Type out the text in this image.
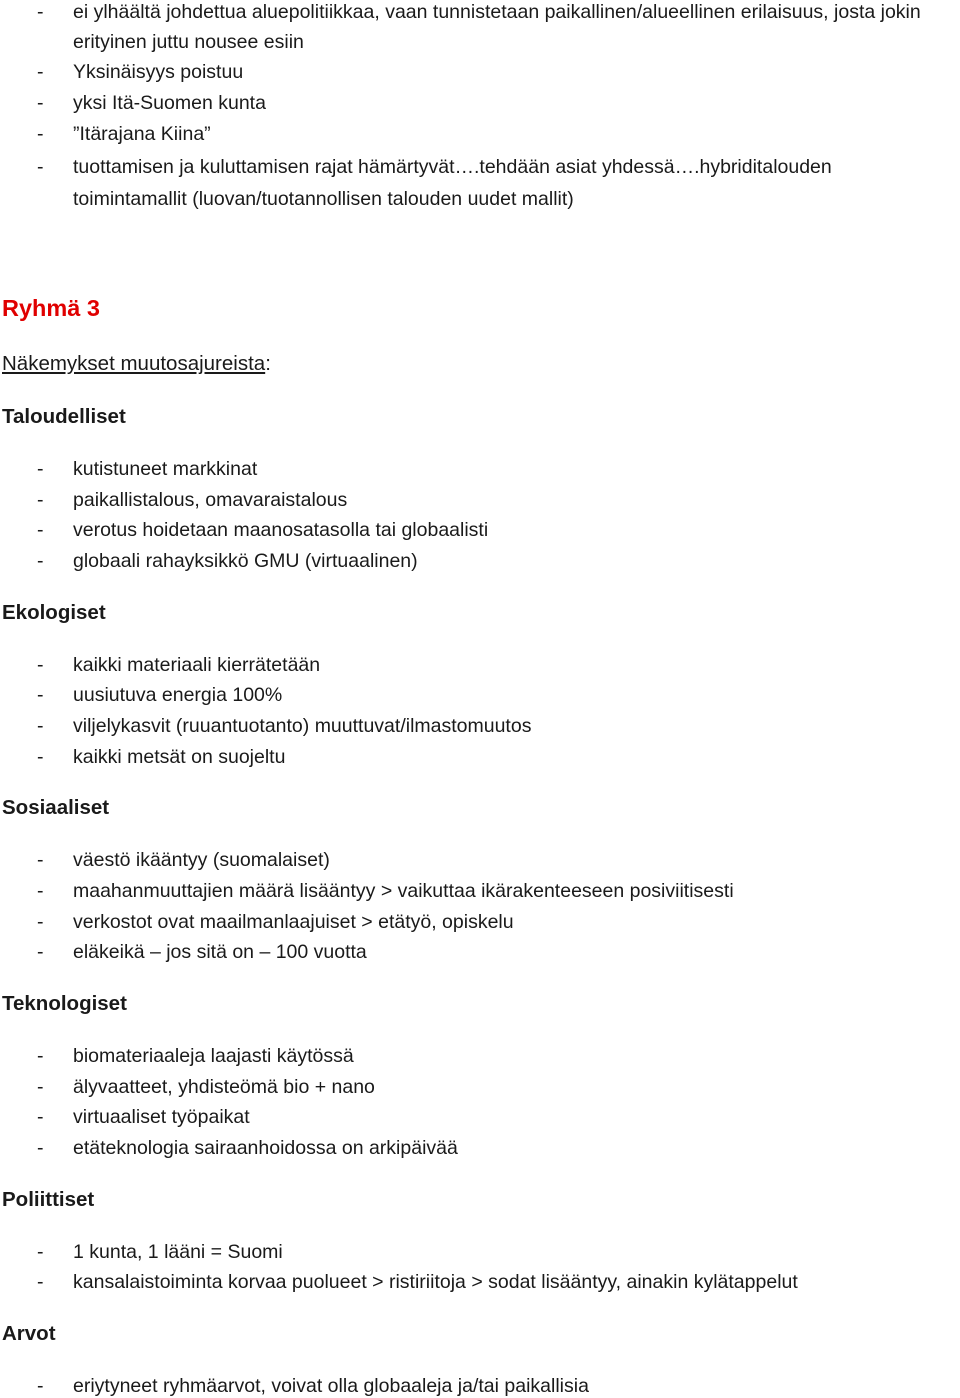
- ei ylhäältä johdettua aluepolitiikkaa, vaan tunnistetaan paikallinen/alueellinen erilaisuus, josta jokin
erityinen juttu nousee esiin
- Yksinäisyys poistuu
- yksi Itä-Suomen kunta
- ”Itärajana Kiina”
- tuottamisen ja kuluttamisen rajat hämärtyvät….tehdään asiat yhdessä….hybriditalouden
toimintamallit (luovan/tuotannollisen talouden uudet mallit)
Ryhmä 3
Näkemykset muutosajureista:
Taloudelliset
- kutistuneet markkinat
- paikallistalous, omavaraistalous
- verotus hoidetaan maanosatasolla tai globaalisti
- globaali rahayksikkö GMU (virtuaalinen)
Ekologiset
- kaikki materiaali kierrätetään
- uusiutuva energia 100%
- viljelykasvit (ruuantuotanto) muuttuvat/ilmastomuutos
- kaikki metsät on suojeltu
Sosiaaliset
- väestö ikääntyy (suomalaiset)
- maahanmuuttajien määrä lisääntyy > vaikuttaa ikärakenteeseen posiviitisesti
- verkostot ovat maailmanlaajuiset > etätyö, opiskelu
- eläkeikä – jos sitä on – 100 vuotta
Teknologiset
- biomateriaaleja laajasti käytössä
- älyvaatteet, yhdisteömä bio + nano
- virtuaaliset työpaikat
- etäteknologia sairaanhoidossa on arkipäivää
Poliittiset
- 1 kunta, 1 lääni = Suomi
- kansalaistoiminta korvaa puolueet > ristiriitoja > sodat lisääntyy, ainakin kylätappelut
Arvot
- eriytyneet ryhmäarvot, voivat olla globaaleja ja/tai paikallisia
